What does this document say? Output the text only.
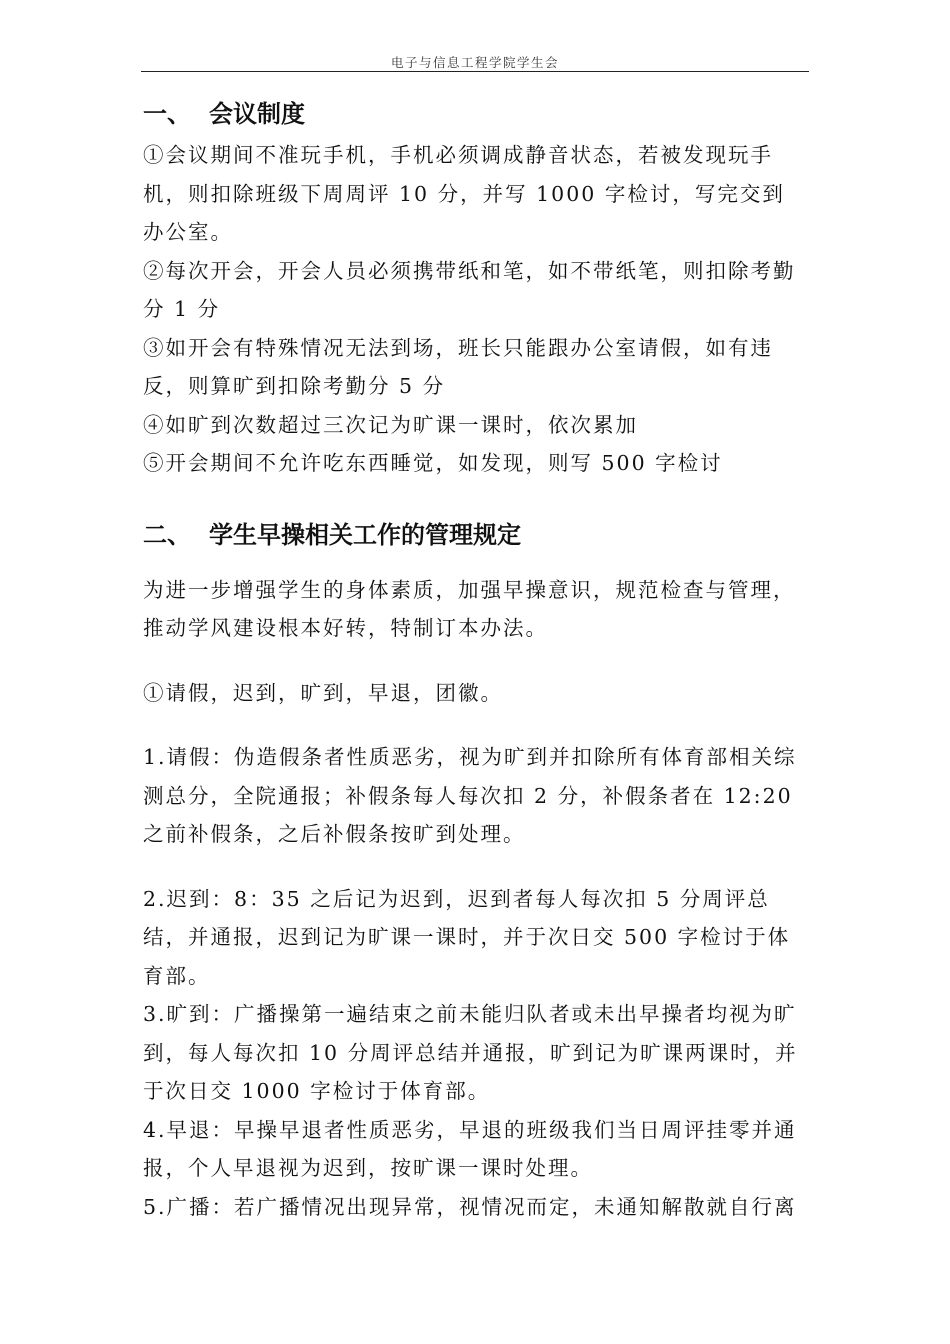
电子与信息工程学院学生会
一、 会议制度

①会议期间不准玩手机，手机必须调成静音状态，若被发现玩手机，则扣除班级下周周评 10 分，并写 1000 字检讨，写完交到办公室。

②每次开会，开会人员必须携带纸和笔，如不带纸笔，则扣除考勤分 1 分

③如开会有特殊情况无法到场，班长只能跟办公室请假，如有违反，则算旷到扣除考勤分 5 分

④如旷到次数超过三次记为旷课一课时，依次累加

⑤开会期间不允许吃东西睡觉，如发现，则写 500 字检讨

二、 学生早操相关工作的管理规定

为进一步增强学生的身体素质，加强早操意识，规范检查与管理，推动学风建设根本好转，特制订本办法。

①请假，迟到，旷到，早退，团徽。

1.请假：伪造假条者性质恶劣，视为旷到并扣除所有体育部相关综测总分，全院通报；补假条每人每次扣 2 分，补假条者在 12:20 之前补假条，之后补假条按旷到处理。

2.迟到：8：35 之后记为迟到，迟到者每人每次扣 5 分周评总结，并通报，迟到记为旷课一课时，并于次日交 500 字检讨于体育部。

3.旷到：广播操第一遍结束之前未能归队者或未出早操者均视为旷到，每人每次扣 10 分周评总结并通报，旷到记为旷课两课时，并于次日交 1000 字检讨于体育部。

4.早退：早操早退者性质恶劣，早退的班级我们当日周评挂零并通报，个人早退视为迟到，按旷课一课时处理。

5.广播：若广播情况出现异常，视情况而定，未通知解散就自行离
